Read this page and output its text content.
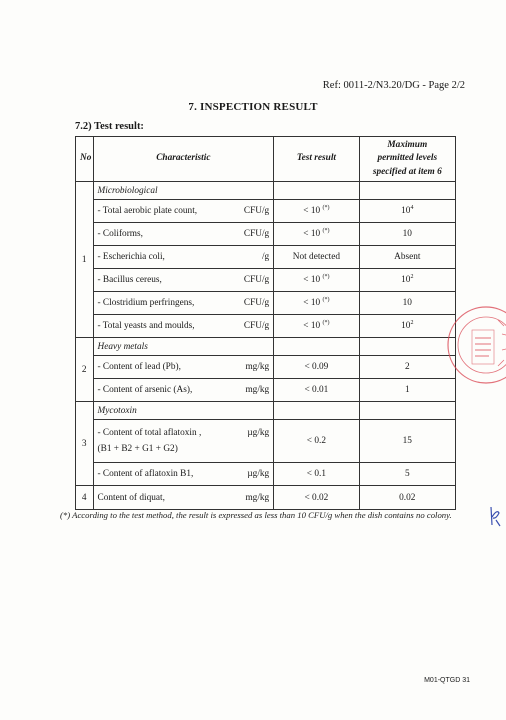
Ref: 0011-2/N3.20/DG - Page 2/2
7. INSPECTION RESULT
7.2) Test result:
No	Characteristic	Test result	Maximum
permitted levels
specified at item 6
1	Microbiological		

	- Total aerobic plate count, CFU/g	< 10 (*)	$10^4$

	- Coliforms, CFU/g	< 10 (*)	10

	- Escherichia coli, /g	Not detected	Absent

	- Bacillus cereus, CFU/g	< 10 (*)	$10^2$

	- Clostridium perfringens, CFU/g	< 10 (*)	10

	- Total yeasts and moulds, CFU/g	< 10 (*)	$10^2$
2	Heavy metals		

	- Content of lead (Pb), mg/kg	< 0.09	2

	- Content of arsenic (As), mg/kg	< 0.01	1
3	Mycotoxin		

	- Content of total aflatoxin , µg/kg
(B1 + B2 + G1 + G2)	< 0.2	15

	- Content of aflatoxin B1, µg/kg	< 0.1	5
4	Content of diquat, mg/kg	< 0.02	0.02
(*) According to the test method, the result is expressed as less than 10 CFU/g when the dish contains no colony.
M01-QTGD 31
